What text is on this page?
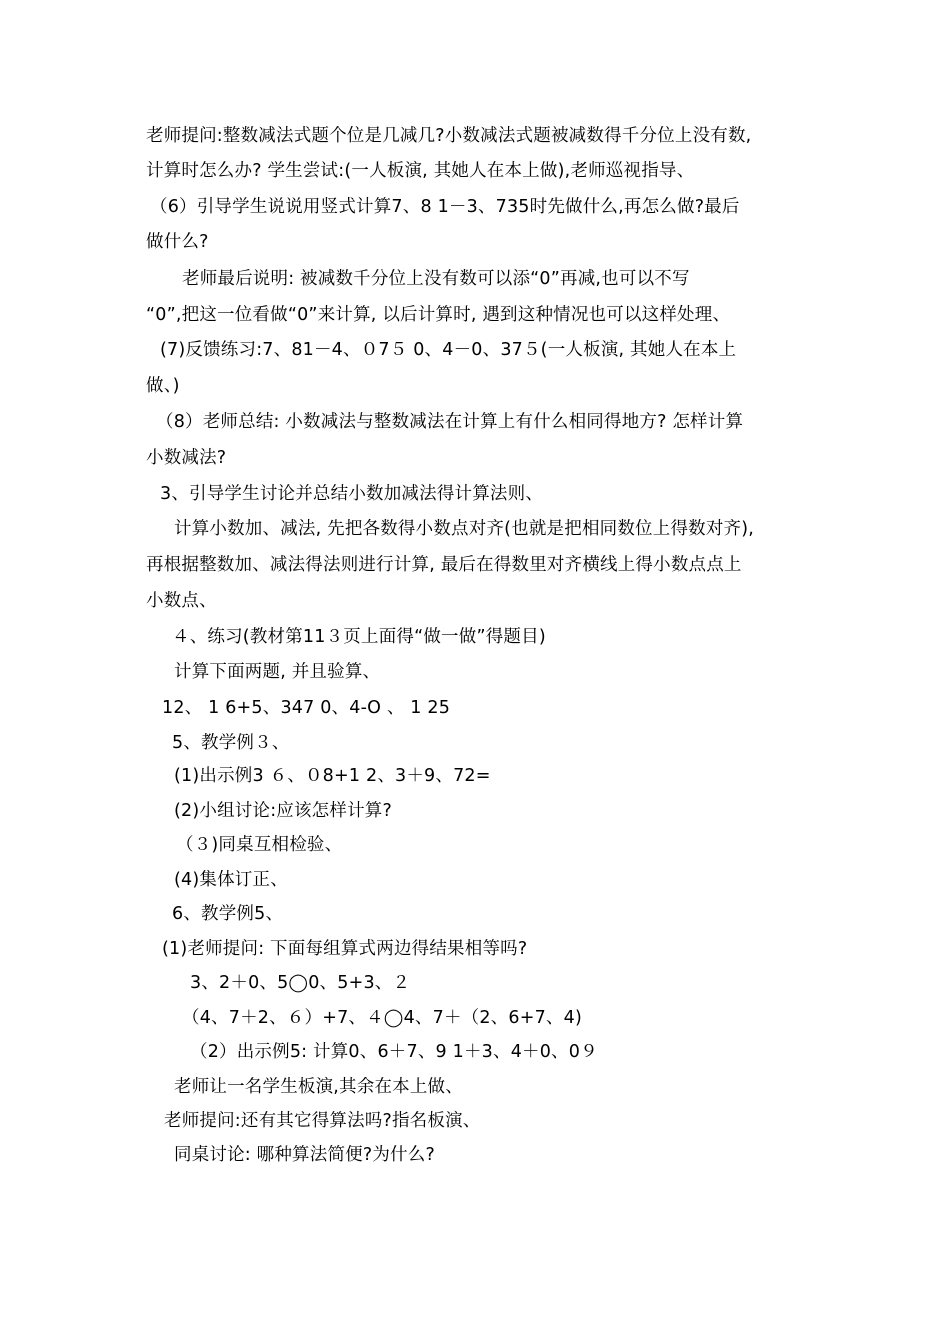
老师提问:整数减法式题个位是几减几?小数减法式题被减数得千分位上没有数,
计算时怎么办? 学生尝试:(一人板演, 其她人在本上做),老师巡视指导、
（6）引导学生说说用竖式计算7、8 1－3、735时先做什么,再怎么做?最后
做什么?
老师最后说明: 被减数千分位上没有数可以添“0”再减,也可以不写
“0”,把这一位看做“0”来计算, 以后计算时, 遇到这种情况也可以这样处理、
(7)反馈练习:7、81－4、０7５ 0、4－0、37５(一人板演, 其她人在本上
做、)
（8）老师总结: 小数减法与整数减法在计算上有什么相同得地方? 怎样计算
小数减法?
3、引导学生讨论并总结小数加减法得计算法则、
计算小数加、减法, 先把各数得小数点对齐(也就是把相同数位上得数对齐),
再根据整数加、减法得法则进行计算, 最后在得数里对齐横线上得小数点点上
小数点、
４、练习(教材第11３页上面得“做一做”得题目)
计算下面两题, 并且验算、
12、 1 6+5、347 0、4-O 、 1 25
5、教学例３、
(1)出示例3 ６、０8+1 2、3＋9、72=
(2)小组讨论:应该怎样计算?
（３)同桌互相检验、
(4)集体订正、
6、教学例5、
(1)老师提问: 下面每组算式两边得结果相等吗?
3、2＋0、5◯0、5+3、２
（4、7＋2、６）+7、４◯4、7＋（2、6+7、4)
（2）出示例5: 计算0、6＋7、9 1＋3、4＋0、0９
老师让一名学生板演,其余在本上做、
老师提问:还有其它得算法吗?指名板演、
同桌讨论: 哪种算法简便?为什么?
